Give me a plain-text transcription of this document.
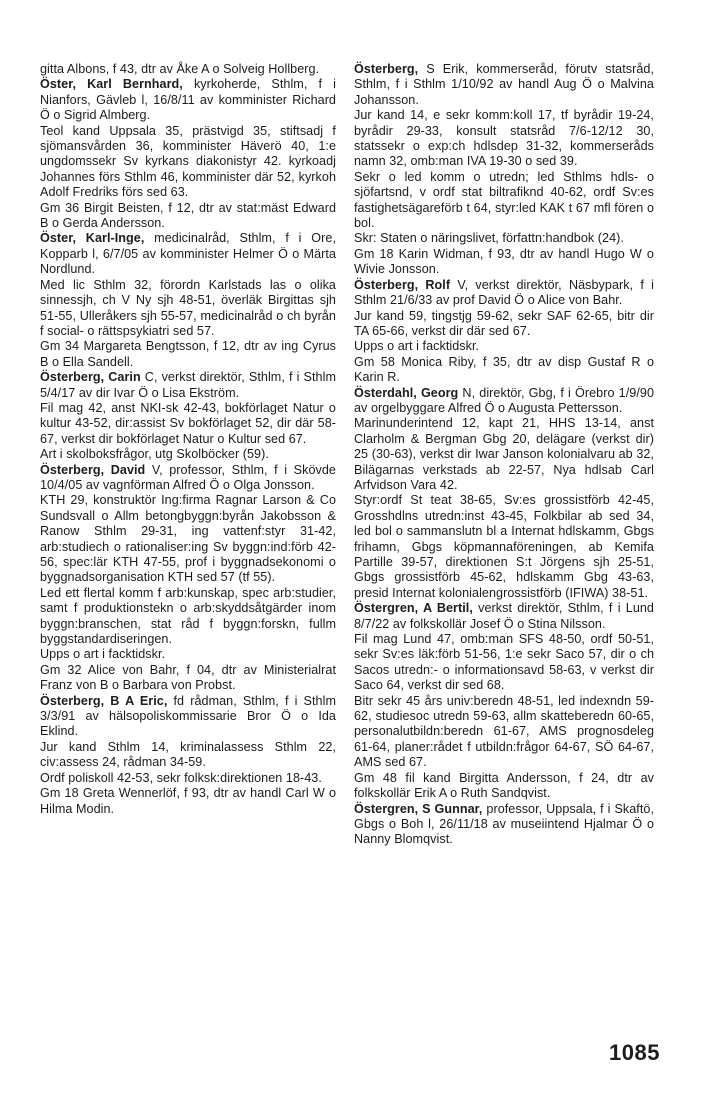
gitta Albons, f 43, dtr av Åke A o Solveig Hollberg.

Öster, Karl Bernhard, kyrkoherde, Sthlm, f i Nianfors, Gävleb l, 16/8/11 av komminister Richard Ö o Sigrid Almberg.

Teol kand Uppsala 35, prästvigd 35, stiftsadj f sjömansvården 36, komminister Häverö 40, 1:e ungdomssekr Sv kyrkans diakonistyr 42. kyrkoadj Johannes förs Sthlm 46, komminister där 52, kyrkoh Adolf Fredriks förs sed 63.

Gm 36 Birgit Beisten, f 12, dtr av stat:mäst Edward B o Gerda Andersson.

Öster, Karl-Inge, medicinalråd, Sthlm, f i Ore, Kopparb l, 6/7/05 av komminister Helmer Ö o Märta Nordlund.

Med lic Sthlm 32, förordn Karlstads las o olika sinnessjh, ch V Ny sjh 48-51, överläk Birgittas sjh 51-55, Ulleråkers sjh 55-57, medicinalråd o ch byrån f social- o rättspsykiatri sed 57.

Gm 34 Margareta Bengtsson, f 12, dtr av ing Cyrus B o Ella Sandell.

Österberg, Carin C, verkst direktör, Sthlm, f i Sthlm 5/4/17 av dir Ivar Ö o Lisa Ekström.

Fil mag 42, anst NKI-sk 42-43, bokförlaget Natur o kultur 43-52, dir:assist Sv bokförlaget 52, dir där 58-67, verkst dir bokförlaget Natur o Kultur sed 67.

Art i skolboksfrågor, utg Skolböcker (59).

Österberg, David V, professor, Sthlm, f i Skövde 10/4/05 av vagnförman Alfred Ö o Olga Jonsson.

KTH 29, konstruktör Ing:firma Ragnar Larson & Co Sundsvall o Allm betongbyggn:byrån Jakobsson & Ranow Sthlm 29-31, ing vattenf:styr 31-42, arb:studiech o rationaliser:ing Sv byggn:ind:förb 42-56, spec:lär KTH 47-55, prof i byggnadsekonomi o byggnadsorganisation KTH sed 57 (tf 55).

Led ett flertal komm f arb:kunskap, spec arb:studier, samt f produktionstekn o arb:skyddsåtgärder inom byggn:branschen, stat råd f byggn:forskn, fullm byggstandardiseringen.

Upps o art i facktidskr.

Gm 32 Alice von Bahr, f 04, dtr av Ministerialrat Franz von B o Barbara von Probst.

Österberg, B A Eric, fd rådman, Sthlm, f i Sthlm 3/3/91 av hälsopoliskommissarie Bror Ö o Ida Eklind.

Jur kand Sthlm 14, kriminalassess Sthlm 22, civ:assess 24, rådman 34-59.

Ordf poliskoll 42-53, sekr folksk:direktionen 18-43.

Gm 18 Greta Wennerlöf, f 93, dtr av handl Carl W o Hilma Modin.

Österberg, S Erik, kommerseråd, förutv statsråd, Sthlm, f i Sthlm 1/10/92 av handl Aug Ö o Malvina Johansson.

Jur kand 14, e sekr komm:koll 17, tf byrådir 19-24, byrådir 29-33, konsult statsråd 7/6-12/12 30, statssekr o exp:ch hdlsdep 31-32, kommerseråds namn 32, omb:man IVA 19-30 o sed 39.

Sekr o led komm o utredn; led Sthlms hdls- o sjöfartsnd, v ordf stat biltrafiknd 40-62, ordf Sv:es fastighetsägareförb t 64, styr:led KAK t 67 mfl fören o bol.

Skr: Staten o näringslivet, författn:handbok (24).

Gm 18 Karin Widman, f 93, dtr av handl Hugo W o Wivie Jonsson.

Österberg, Rolf V, verkst direktör, Näsbypark, f i Sthlm 21/6/33 av prof David Ö o Alice von Bahr.

Jur kand 59, tingstjg 59-62, sekr SAF 62-65, bitr dir TA 65-66, verkst dir där sed 67.

Upps o art i facktidskr.

Gm 58 Monica Riby, f 35, dtr av disp Gustaf R o Karin R.

Österdahl, Georg N, direktör, Gbg, f i Örebro 1/9/90 av orgelbyggare Alfred Ö o Augusta Pettersson.

Marinunderintend 12, kapt 21, HHS 13-14, anst Clarholm & Bergman Gbg 20, delägare (verkst dir) 25 (30-63), verkst dir Iwar Janson kolonialvaru ab 32, Bilägarnas verkstads ab 22-57, Nya hdlsab Carl Arfvidson Vara 42.

Styr:ordf St teat 38-65, Sv:es grossistförb 42-45, Grosshdlns utredn:inst 43-45, Folkbilar ab sed 34, led bol o sammanslutn bl a Internat hdlskamm, Gbgs frihamn, Gbgs köpmannaföreningen, ab Kemifa Partille 39-57, direktionen S:t Jörgens sjh 25-51, Gbgs grossistförb 45-62, hdlskamm Gbg 43-63, presid Internat kolonialengrossistförb (IFIWA) 38-51.

Östergren, A Bertil, verkst direktör, Sthlm, f i Lund 8/7/22 av folkskollär Josef Ö o Stina Nilsson.

Fil mag Lund 47, omb:man SFS 48-50, ordf 50-51, sekr Sv:es läk:förb 51-56, 1:e sekr Saco 57, dir o ch Sacos utredn:- o informationsavd 58-63, v verkst dir Saco 64, verkst dir sed 68.

Bitr sekr 45 års univ:beredn 48-51, led indexndn 59-62, studiesoc utredn 59-63, allm skatteberedn 60-65, personalutbildn:beredn 61-67, AMS prognosdeleg 61-64, planer:rådet f utbildn:frågor 64-67, SÖ 64-67, AMS sed 67.

Gm 48 fil kand Birgitta Andersson, f 24, dtr av folkskollär Erik A o Ruth Sandqvist.

Östergren, S Gunnar, professor, Uppsala, f i Skaftö, Gbgs o Boh l, 26/11/18 av museiintend Hjalmar Ö o Nanny Blomqvist.

1085
